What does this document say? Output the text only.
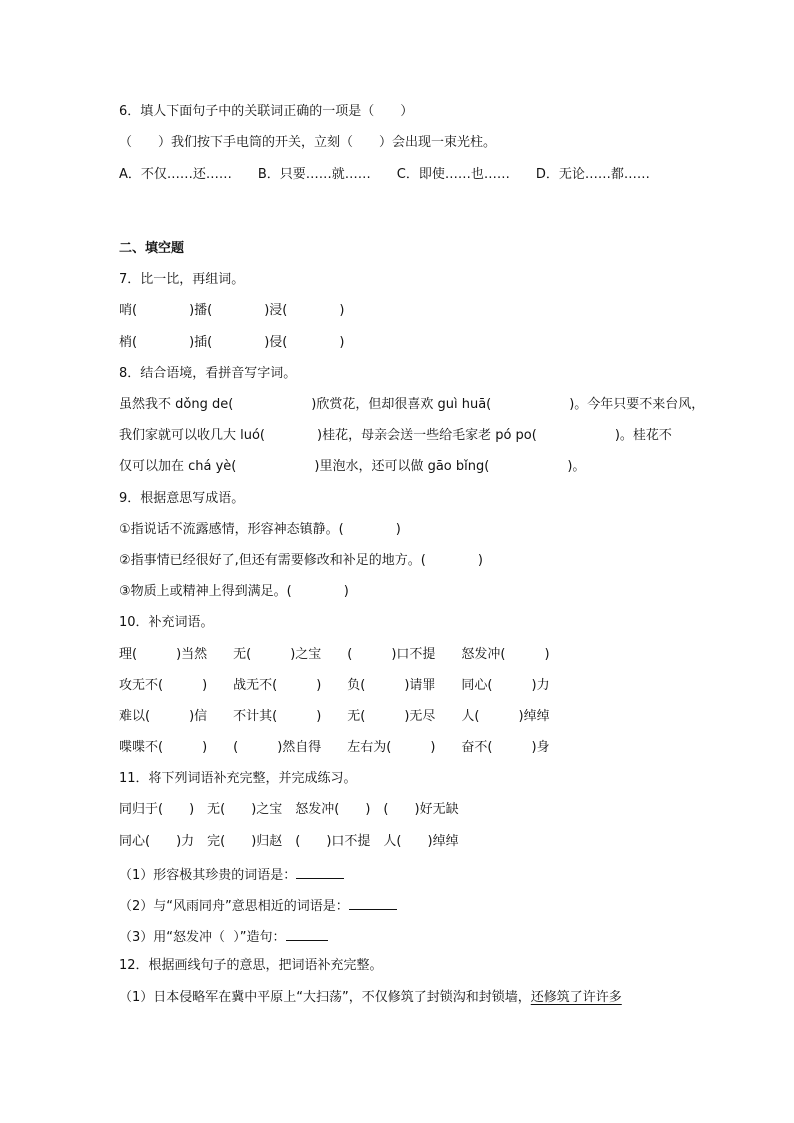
6．填人下面句子中的关联词正确的一项是（　　）

（　　）我们按下手电筒的开关，立刻（　　）会出现一束光柱。

A．不仅……还……　　B．只要……就……　　C．即使……也……　　D．无论……都……

二、填空题

7．比一比，再组词。

哨(　　　　)播(　　　　)浸(　　　　)

梢(　　　　)插(　　　　)侵(　　　　)

8．结合语境，看拼音写字词。

虽然我不 dǒng de(　　　　　　)欣赏花，但却很喜欢 guì huā(　　　　　　)。今年只要不来台风，

我们家就可以收几大 luó(　　　　)桂花，母亲会送一些给毛家老 pó po(　　　　　　)。桂花不

仅可以加在 chá yè(　　　　　　)里泡水，还可以做 gāo bǐng(　　　　　　)。

9．根据意思写成语。

①指说话不流露感情，形容神态镇静。(　　　　)

②指事情已经很好了,但还有需要修改和补足的地方。(　　　　)

③物质上或精神上得到满足。(　　　　)

10．补充词语。

理(　　　)当然　　无(　　　)之宝　　(　　　)口不提　　怒发冲(　　　)

攻无不(　　　)　　战无不(　　　)　　负(　　　)请罪　　同心(　　　)力

难以(　　　)信　　不计其(　　　)　　无(　　　)无尽　　人(　　　)绰绰

喋喋不(　　　)　　(　　　)然自得　　左右为(　　　)　　奋不(　　　)身

11．将下列词语补充完整，并完成练习。

同归于(　　)　无(　　)之宝　怒发冲(　　)　(　　)好无缺

同心(　　)力　完(　　)归赵　(　　)口不提　人(　　)绰绰

（1）形容极其珍贵的词语是：

（2）与“风雨同舟”意思相近的词语是：

（3）用“怒发冲（  ）”造句：

12．根据画线句子的意思，把词语补充完整。

（1）日本侵略军在冀中平原上“大扫荡”，不仅修筑了封锁沟和封锁墙，还修筑了许许多
